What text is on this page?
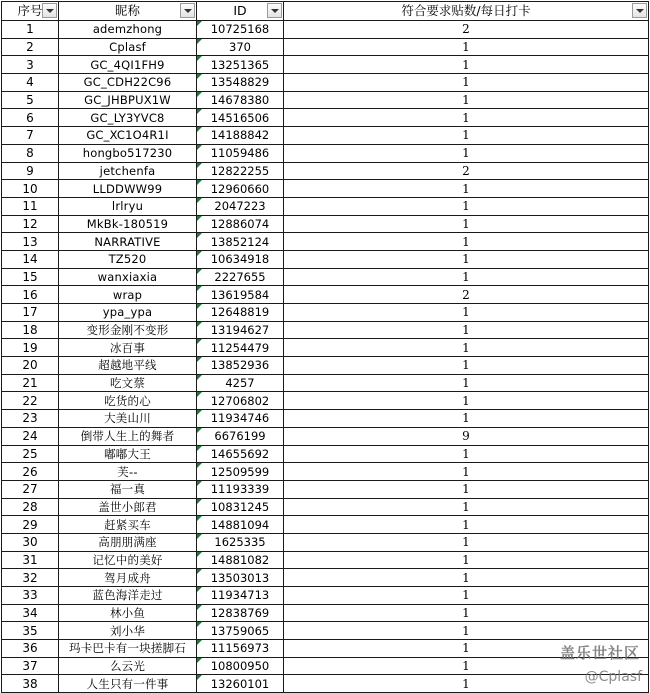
序号	昵称	ID	符合要求贴数/每日打卡

1	ademzhong	10725168	2
2	Cplasf	370	1
3	GC_4QI1FH9	13251365	1
4	GC_CDH22C96	13548829	1
5	GC_JHBPUX1W	14678380	1
6	GC_LY3YVC8	14516506	1
7	GC_XC1O4R1I	14188842	1
8	hongbo517230	11059486	1
9	jetchenfa	12822255	2
10	LLDDWW99	12960660	1
11	lrlryu	2047223	1
12	MkBk-180519	12886074	1
13	NARRATIVE	13852124	1
14	TZ520	10634918	1
15	wanxiaxia	2227655	1
16	wrap	13619584	2
17	ypa_ypa	12648819	1
18	变形金刚不变形	13194627	1
19	冰百事	11254479	1
20	超越地平线	13852936	1
21	吃文蔡	4257	1
22	吃货的心	12706802	1
23	大美山川	11934746	1
24	倒带人生上的舞者	6676199	9
25	嘟嘟大王	14655692	1
26	芙--	12509599	1
27	福一真	11193339	1
28	盖世小郎君	10831245	1
29	赶紧买车	14881094	1
30	高朋朋满座	1625335	1
31	记忆中的美好	14881082	1
32	驾月成舟	13503013	1
33	蓝色海洋走过	11934713	1
34	林小鱼	12838769	1
35	刘小华	13759065	1
36	玛卡巴卡有一块搓脚石	11156973	1
37	么云光	10800950	1
38	人生只有一件事	13260101	1
盖乐世社区
@Cplasf
